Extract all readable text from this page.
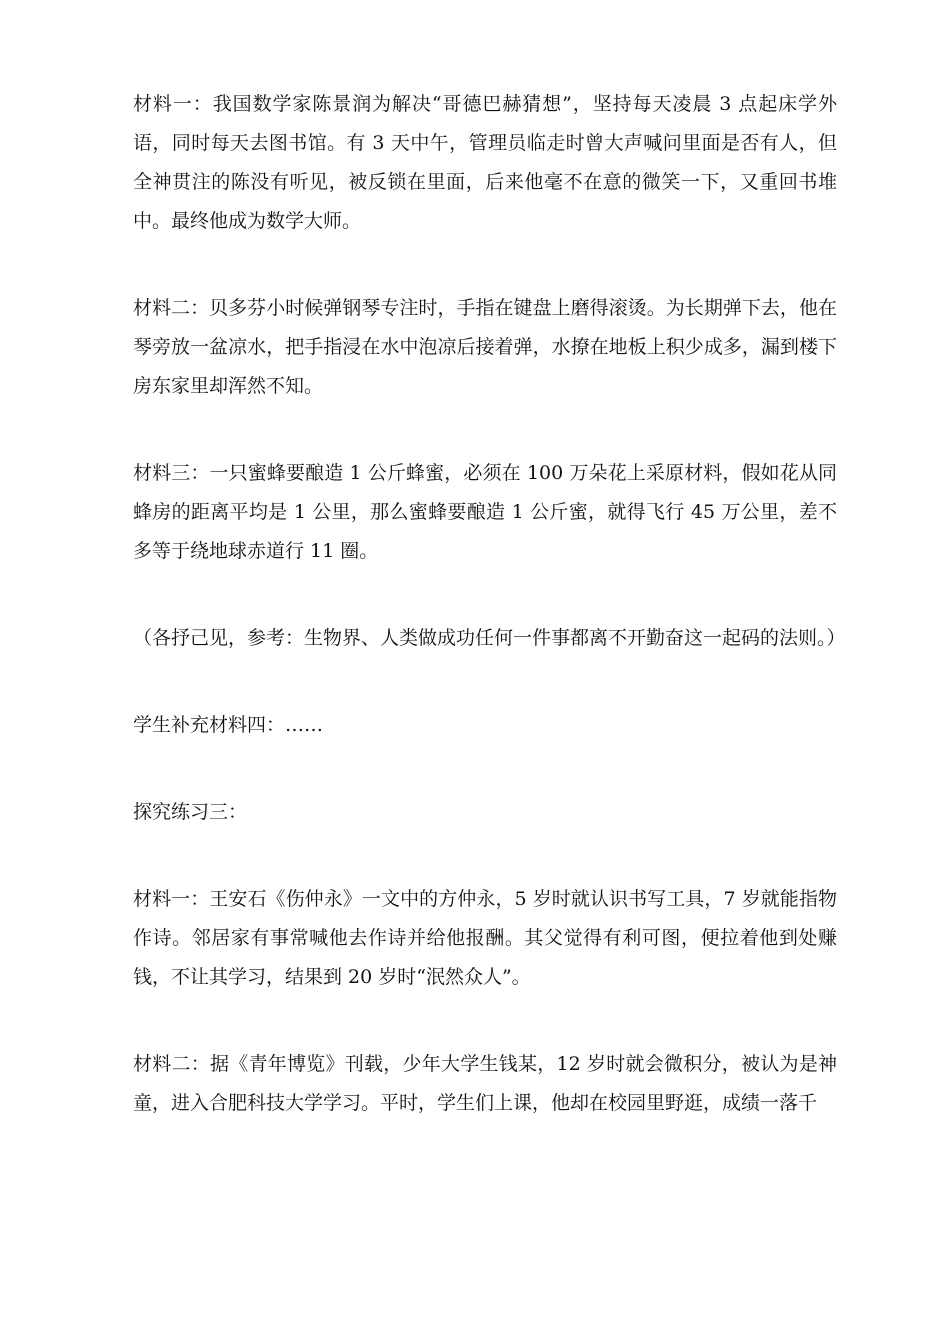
材料一：我国数学家陈景润为解决“哥德巴赫猜想”，坚持每天凌晨 3 点起床学外语，同时每天去图书馆。有 3 天中午，管理员临走时曾大声喊问里面是否有人，但全神贯注的陈没有听见，被反锁在里面，后来他毫不在意的微笑一下，又重回书堆中。最终他成为数学大师。

材料二：贝多芬小时候弹钢琴专注时，手指在键盘上磨得滚烫。为长期弹下去，他在琴旁放一盆凉水，把手指浸在水中泡凉后接着弹，水撩在地板上积少成多，漏到楼下房东家里却浑然不知。

材料三：一只蜜蜂要酿造 1 公斤蜂蜜，必须在 100 万朵花上采原材料，假如花从同蜂房的距离平均是 1 公里，那么蜜蜂要酿造 1 公斤蜜，就得飞行 45 万公里，差不多等于绕地球赤道行 11 圈。

（各抒己见，参考：生物界、人类做成功任何一件事都离不开勤奋这一起码的法则。）

学生补充材料四：……

探究练习三：

材料一：王安石《伤仲永》一文中的方仲永，5 岁时就认识书写工具，7 岁就能指物作诗。邻居家有事常喊他去作诗并给他报酬。其父觉得有利可图，便拉着他到处赚钱，不让其学习，结果到 20 岁时“泯然众人”。

材料二：据《青年博览》刊载，少年大学生钱某，12 岁时就会微积分，被认为是神童，进入合肥科技大学学习。平时，学生们上课，他却在校园里野逛，成绩一落千
